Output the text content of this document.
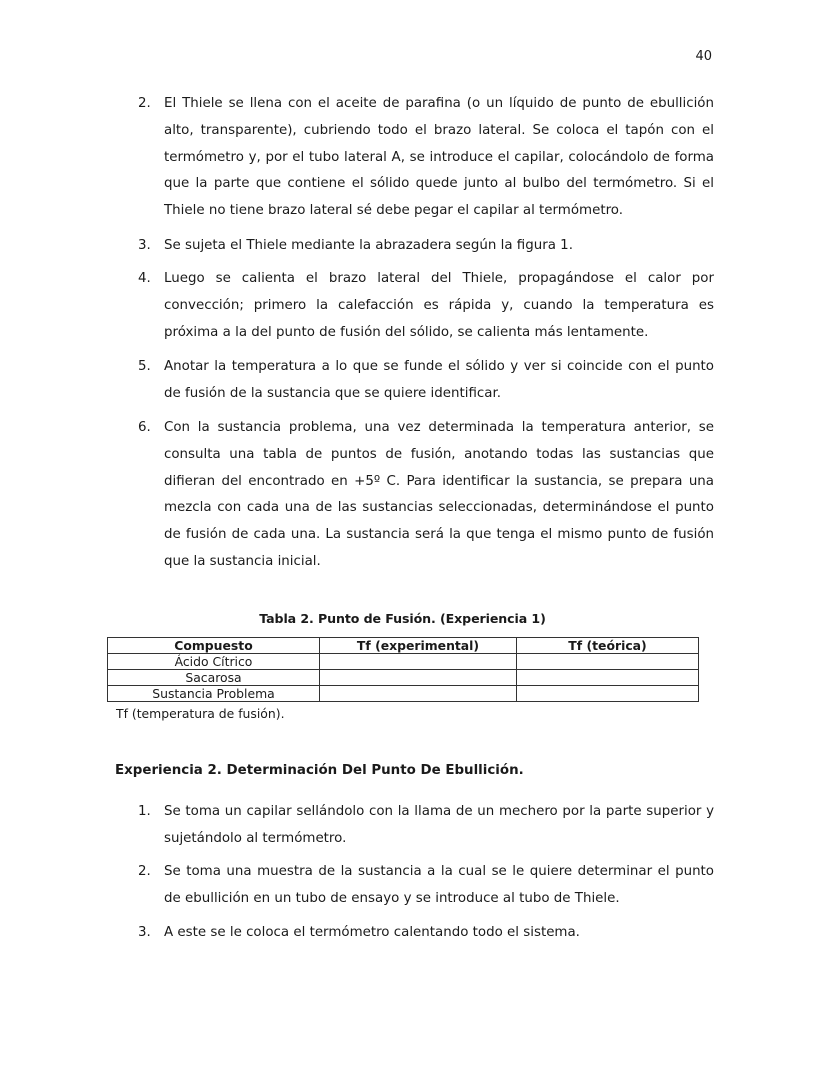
40
2. El Thiele se llena con el aceite de parafina (o un líquido de punto de ebullición alto, transparente), cubriendo todo el brazo lateral. Se coloca el tapón con el termómetro y, por el tubo lateral A, se introduce el capilar, colocándolo de forma que la parte que contiene el sólido quede junto al bulbo del termómetro. Si el Thiele no tiene brazo lateral sé debe pegar el capilar al termómetro.
3. Se sujeta el Thiele mediante la abrazadera según la figura 1.
4. Luego se calienta el brazo lateral del Thiele, propagándose el calor por convección; primero la calefacción es rápida y, cuando la temperatura es próxima a la del punto de fusión del sólido, se calienta más lentamente.
5. Anotar la temperatura a lo que se funde el sólido y ver si coincide con el punto de fusión de la sustancia que se quiere identificar.
6. Con la sustancia problema, una vez determinada la temperatura anterior, se consulta una tabla de puntos de fusión, anotando todas las sustancias que difieran del encontrado en +5º C. Para identificar la sustancia, se prepara una mezcla con cada una de las sustancias seleccionadas, determinándose el punto de fusión de cada una. La sustancia será la que tenga el mismo punto de fusión que la sustancia inicial.
Tabla 2. Punto de Fusión. (Experiencia 1)
Compuesto	Tf (experimental)	Tf (teórica)
Ácido Cítrico		
Sacarosa		
Sustancia Problema		
Tf (temperatura de fusión).
Experiencia 2. Determinación Del Punto De Ebullición.
1. Se toma un capilar sellándolo con la llama de un mechero por la parte superior y sujetándolo al termómetro.
2. Se toma una muestra de la sustancia a la cual se le quiere determinar el punto de ebullición en un tubo de ensayo y se introduce al tubo de Thiele.
3. A este se le coloca el termómetro calentando todo el sistema.
